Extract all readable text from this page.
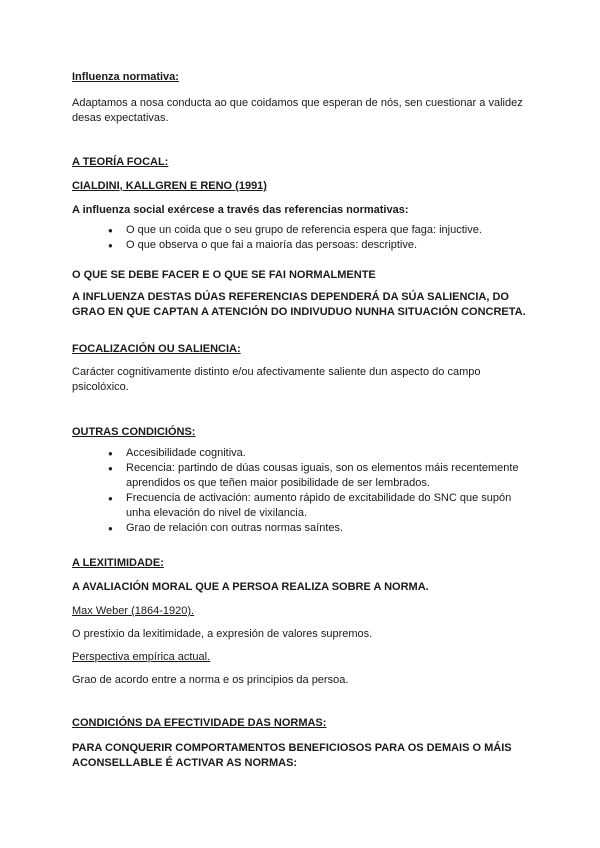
Influenza normativa:

Adaptamos a nosa conducta ao que coidamos que esperan de nós, sen cuestionar a validez desas expectativas.

A TEORÍA FOCAL:

CIALDINI, KALLGREN E RENO (1991)

A influenza social exércese a través das referencias normativas:

● O que un coida que o seu grupo de referencia espera que faga: injuctive.
● O que observa o que fai a maioría das persoas: descriptive.

O QUE SE DEBE FACER E O QUE SE FAI NORMALMENTE

A INFLUENZA DESTAS DÚAS REFERENCIAS DEPENDERÁ DA SÚA SALIENCIA, DO GRAO EN QUE CAPTAN A ATENCIÓN DO INDIVUDUO NUNHA SITUACIÓN CONCRETA.

FOCALIZACIÓN OU SALIENCIA:

Carácter cognitivamente distinto e/ou afectivamente saliente dun aspecto do campo psicolóxico.

OUTRAS CONDICIÓNS:

● Accesibilidade cognitiva.
● Recencia: partindo de dúas cousas iguais, son os elementos máis recentemente aprendidos os que teñen maior posibilidade de ser lembrados.
● Frecuencia de activación: aumento rápido de excitabilidade do SNC que supón unha elevación do nivel de vixilancia.
● Grao de relación con outras normas saíntes.

A LEXITIMIDADE:

A AVALIACIÓN MORAL QUE A PERSOA REALIZA SOBRE A NORMA.

Max Weber (1864-1920).

O prestixio da lexitimidade, a expresión de valores supremos.

Perspectiva empírica actual.

Grao de acordo entre a norma e os principios da persoa.

CONDICIÓNS DA EFECTIVIDADE DAS NORMAS:

PARA CONQUERIR COMPORTAMENTOS BENEFICIOSOS PARA OS DEMAIS O MÁIS ACONSELLABLE É ACTIVAR AS NORMAS:
